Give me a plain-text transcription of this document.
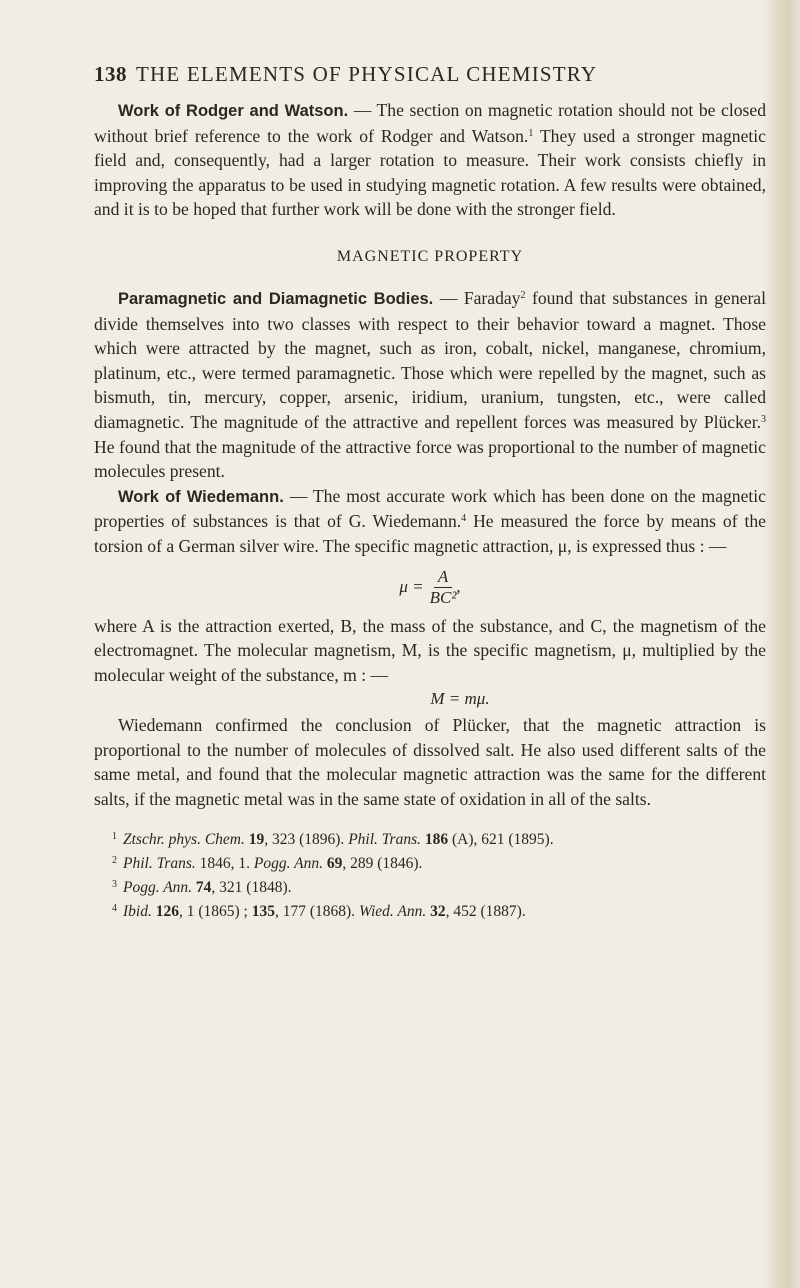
138 THE ELEMENTS OF PHYSICAL CHEMISTRY

Work of Rodger and Watson. — The section on magnetic rotation should not be closed without brief reference to the work of Rodger and Watson.$^1$ They used a stronger magnetic field and, consequently, had a larger rotation to measure. Their work consists chiefly in improving the apparatus to be used in studying magnetic rotation. A few results were obtained, and it is to be hoped that further work will be done with the stronger field.

MAGNETIC PROPERTY

Paramagnetic and Diamagnetic Bodies. — Faraday$^2$ found that substances in general divide themselves into two classes with respect to their behavior toward a magnet. Those which were attracted by the magnet, such as iron, cobalt, nickel, manganese, chromium, platinum, etc., were termed paramagnetic. Those which were repelled by the magnet, such as bismuth, tin, mercury, copper, arsenic, iridium, uranium, tungsten, etc., were called diamagnetic. The magnitude of the attractive and repellent forces was measured by Plücker.$^3$ He found that the magnitude of the attractive force was proportional to the number of magnetic molecules present.

Work of Wiedemann. — The most accurate work which has been done on the magnetic properties of substances is that of G. Wiedemann.$^4$ He measured the force by means of the torsion of a German silver wire. The specific magnetic attraction, μ, is expressed thus : —

$\mu = \frac{A}{\text{BC²}}$ ,

where A is the attraction exerted, B, the mass of the substance, and C, the magnetism of the electromagnet. The molecular magnetism, M, is the specific magnetism, μ, multiplied by the molecular weight of the substance, m : —

M = mμ.

Wiedemann confirmed the conclusion of Plücker, that the magnetic attraction is proportional to the number of molecules of dissolved salt. He also used different salts of the same metal, and found that the molecular magnetic attraction was the same for the different salts, if the magnetic metal was in the same state of oxidation in all of the salts.

$^1$ Ztschr. phys. Chem. 19, 323 (1896). Phil. Trans. 186 (A), 621 (1895).
$^2$ Phil. Trans. 1846, 1. Pogg. Ann. 69, 289 (1846).
$^3$ Pogg. Ann. 74, 321 (1848).
$^4$ Ibid. 126, 1 (1865) ; 135, 177 (1868). Wied. Ann. 32, 452 (1887).
